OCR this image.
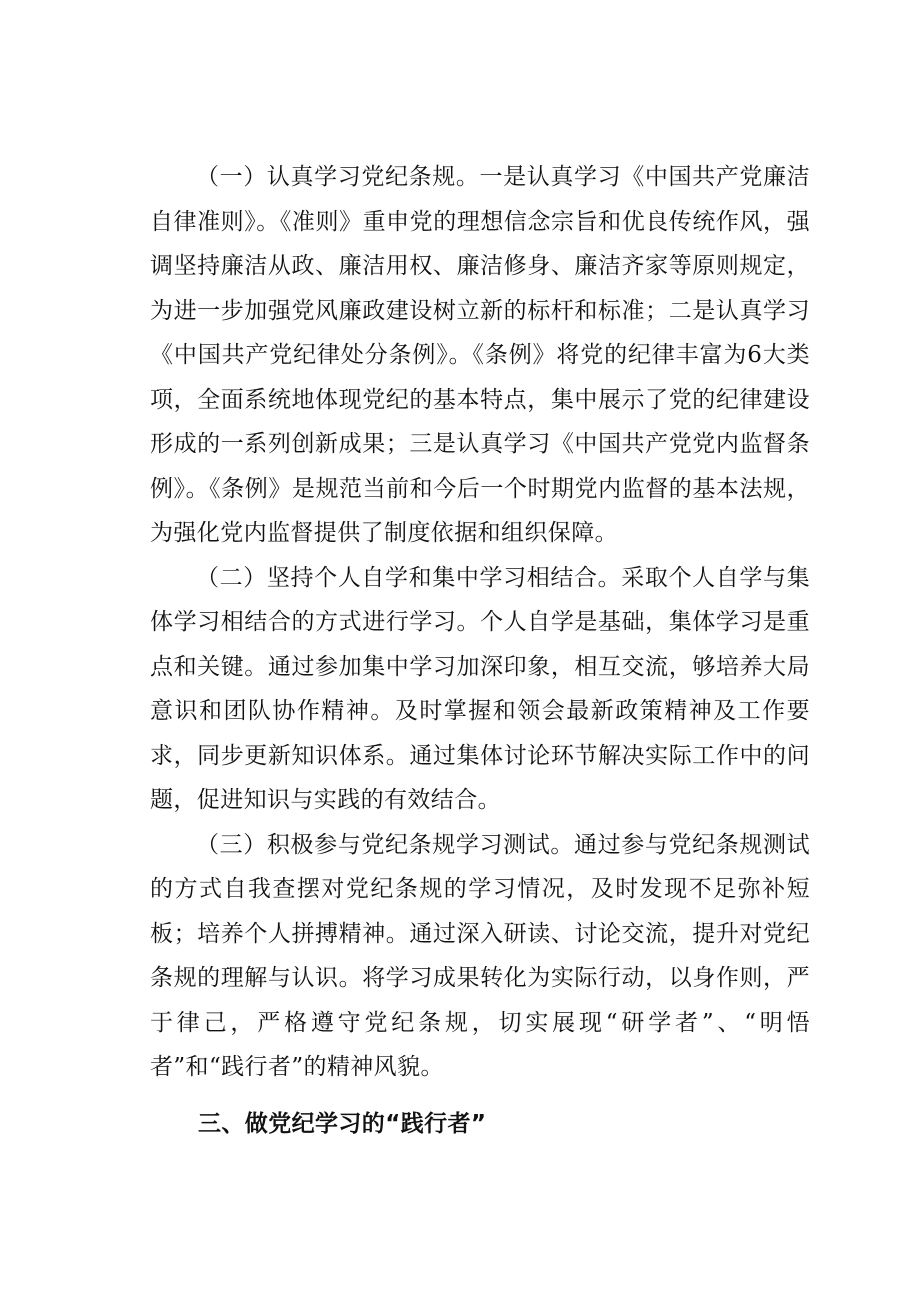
（一）认真学习党纪条规。一是认真学习《中国共产党廉洁自律准则》。《准则》重申党的理想信念宗旨和优良传统作风，强调坚持廉洁从政、廉洁用权、廉洁修身、廉洁齐家等原则规定，为进一步加强党风廉政建设树立新的标杆和标准；二是认真学习《中国共产党纪律处分条例》。《条例》将党的纪律丰富为6大类项，全面系统地体现党纪的基本特点，集中展示了党的纪律建设形成的一系列创新成果；三是认真学习《中国共产党党内监督条例》。《条例》是规范当前和今后一个时期党内监督的基本法规，为强化党内监督提供了制度依据和组织保障。

（二）坚持个人自学和集中学习相结合。采取个人自学与集体学习相结合的方式进行学习。个人自学是基础，集体学习是重点和关键。通过参加集中学习加深印象，相互交流，够培养大局意识和团队协作精神。及时掌握和领会最新政策精神及工作要求，同步更新知识体系。通过集体讨论环节解决实际工作中的问题，促进知识与实践的有效结合。

（三）积极参与党纪条规学习测试。通过参与党纪条规测试的方式自我查摆对党纪条规的学习情况，及时发现不足弥补短板；培养个人拼搏精神。通过深入研读、讨论交流，提升对党纪条规的理解与认识。将学习成果转化为实际行动，以身作则，严于律己，严格遵守党纪条规，切实展现“研学者”、“明悟者”和“践行者”的精神风貌。

三、做党纪学习的“践行者”
